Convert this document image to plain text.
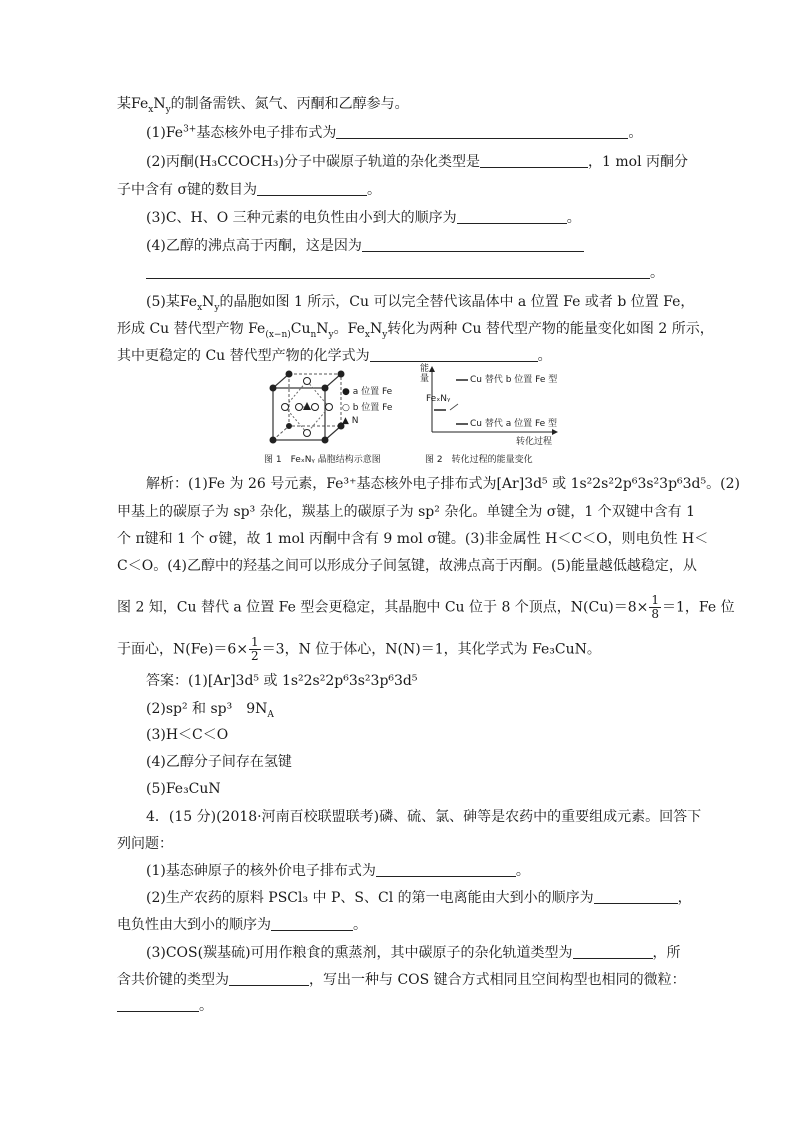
某$Fe_xN_y$的制备需铁、氮气、丙酮和乙醇参与。
$(1)Fe^{3+}$基态核外电子排布式为	。
(2)丙酮(H₃CCOCH₃)分子中碳原子轨道的杂化类型是	，1 mol 丙酮分
子中含有 σ键的数目为	。
(3)C、H、O 三种元素的电负性由小到大的顺序为	。
(4)乙醇的沸点高于丙酮，这是因为
。
(5)某$Fe_xN_y$的晶胞如图 1 所示，Cu 可以完全替代该晶体中 a 位置 Fe 或者 b 位置 Fe，
形成 Cu 替代型产物 $Fe_{(x-n)}Cu_nN_y$。$Fe_xN_y$转化为两种 Cu 替代型产物的能量变化如图 2 所示，
其中更稳定的 Cu 替代型产物的化学式为	。
● a 位置 Fe
○ b 位置 Fe
▲ N
图 1　FeₓNᵧ 晶胞结构示意图
能量	Cu 替代 b 位置 Fe 型
FeₓNᵧ
Cu 替代 a 位置 Fe 型
转化过程
图 2　转化过程的能量变化
解析：(1)Fe 为 26 号元素，Fe³⁺基态核外电子排布式为[Ar]3d⁵ 或 1s²2s²2p⁶3s²3p⁶3d⁵。(2)
甲基上的碳原子为 sp³ 杂化，羰基上的碳原子为 sp² 杂化。单键全为 σ键，1 个双键中含有 1
个 π键和 1 个 σ键，故 1 mol 丙酮中含有 9 mol σ键。(3)非金属性 H＜C＜O，则电负性 H＜
C＜O。(4)乙醇中的羟基之间可以形成分子间氢键，故沸点高于丙酮。(5)能量越低越稳定，从
图 2 知，Cu 替代 a 位置 Fe 型会更稳定，其晶胞中 Cu 位于 8 个顶点，$N(Cu)=8\times \frac{1}{8} =1$，Fe 位
于面心，$N(Fe)=6\times \frac{1}{2} =3$，N 位于体心，N(N)＝1，其化学式为 Fe₃CuN。
答案：(1)[Ar]3d⁵ 或 1s²2s²2p⁶3s²3p⁶3d⁵
(2)sp² 和 sp³　$9N_A$
(3)H＜C＜O
(4)乙醇分子间存在氢键
(5)Fe₃CuN
4．(15 分)(2018·河南百校联盟联考)磷、硫、氯、砷等是农药中的重要组成元素。回答下
列问题：
(1)基态砷原子的核外价电子排布式为	。
(2)生产农药的原料 PSCl₃ 中 P、S、Cl 的第一电离能由大到小的顺序为	，
电负性由大到小的顺序为	。
(3)COS(羰基硫)可用作粮食的熏蒸剂，其中碳原子的杂化轨道类型为	，所
含共价键的类型为	，写出一种与 COS 键合方式相同且空间构型也相同的微粒：
。
